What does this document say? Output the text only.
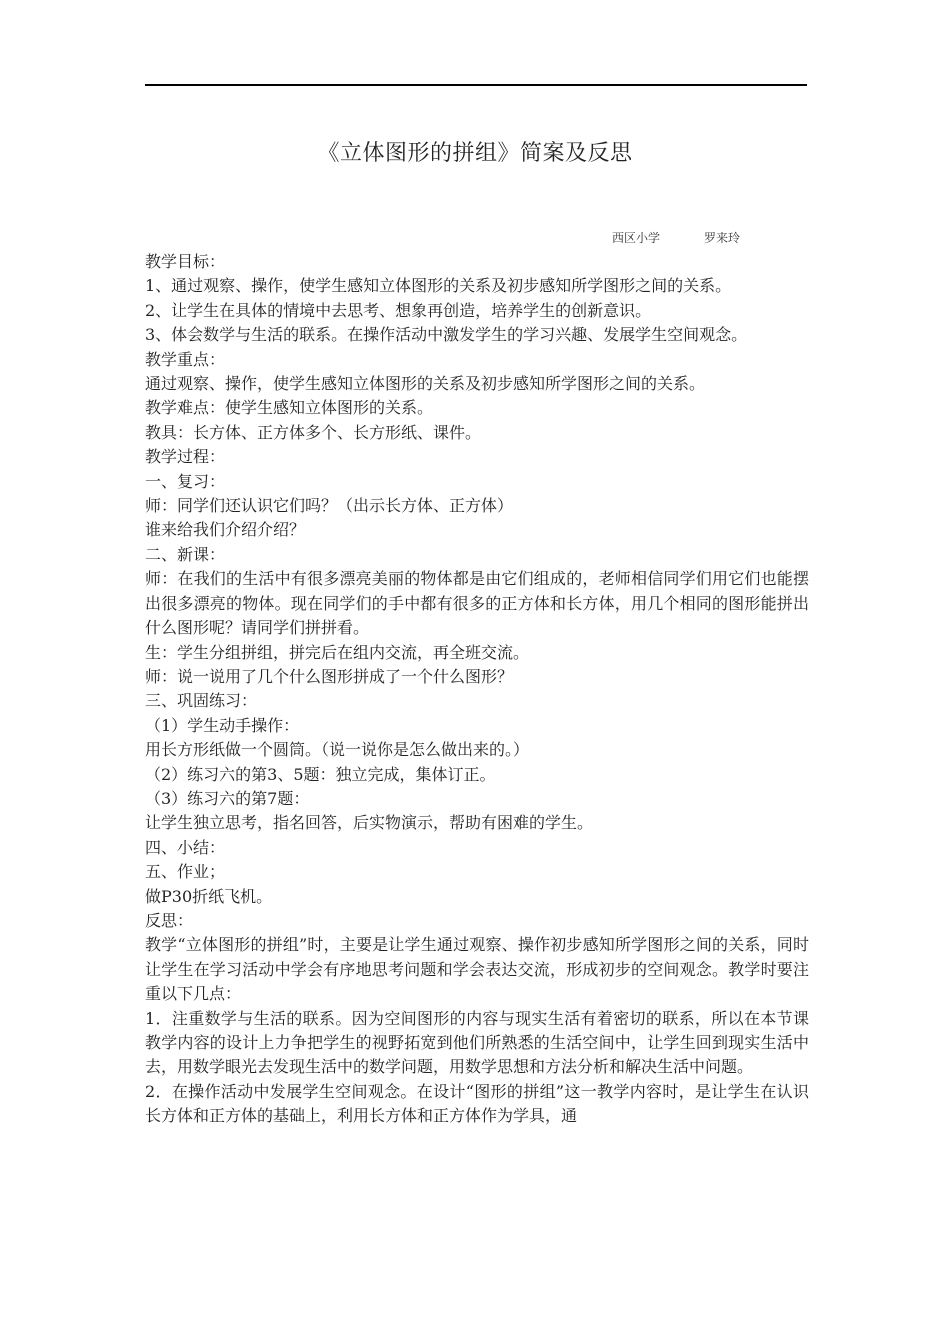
《立体图形的拼组》简案及反思
西区小学	罗来玲

教学目标：

1、通过观察、操作，使学生感知立体图形的关系及初步感知所学图形之间的关系。

2、让学生在具体的情境中去思考、想象再创造，培养学生的创新意识。

3、体会数学与生活的联系。在操作活动中激发学生的学习兴趣、发展学生空间观念。

教学重点：

通过观察、操作，使学生感知立体图形的关系及初步感知所学图形之间的关系。

教学难点：使学生感知立体图形的关系。

教具：长方体、正方体多个、长方形纸、课件。

教学过程：

一、复习：

师：同学们还认识它们吗？（出示长方体、正方体）

谁来给我们介绍介绍？

二、新课：

师：在我们的生活中有很多漂亮美丽的物体都是由它们组成的，老师相信同学们用它们也能摆出很多漂亮的物体。现在同学们的手中都有很多的正方体和长方体，用几个相同的图形能拼出什么图形呢？请同学们拼拼看。

生：学生分组拼组，拼完后在组内交流，再全班交流。

师：说一说用了几个什么图形拼成了一个什么图形？

三、巩固练习：

（1）学生动手操作：

用长方形纸做一个圆筒。（说一说你是怎么做出来的。）

（2）练习六的第3、5题：独立完成，集体订正。

（3）练习六的第7题：

让学生独立思考，指名回答，后实物演示，帮助有困难的学生。

四、小结：

五、作业；

做P30折纸飞机。

反思：

教学“立体图形的拼组”时，主要是让学生通过观察、操作初步感知所学图形之间的关系，同时让学生在学习活动中学会有序地思考问题和学会表达交流，形成初步的空间观念。教学时要注重以下几点：

1．注重数学与生活的联系。因为空间图形的内容与现实生活有着密切的联系，所以在本节课教学内容的设计上力争把学生的视野拓宽到他们所熟悉的生活空间中，让学生回到现实生活中去，用数学眼光去发现生活中的数学问题，用数学思想和方法分析和解决生活中问题。

2．在操作活动中发展学生空间观念。在设计“图形的拼组”这一教学内容时，是让学生在认识长方体和正方体的基础上，利用长方体和正方体作为学具，通
